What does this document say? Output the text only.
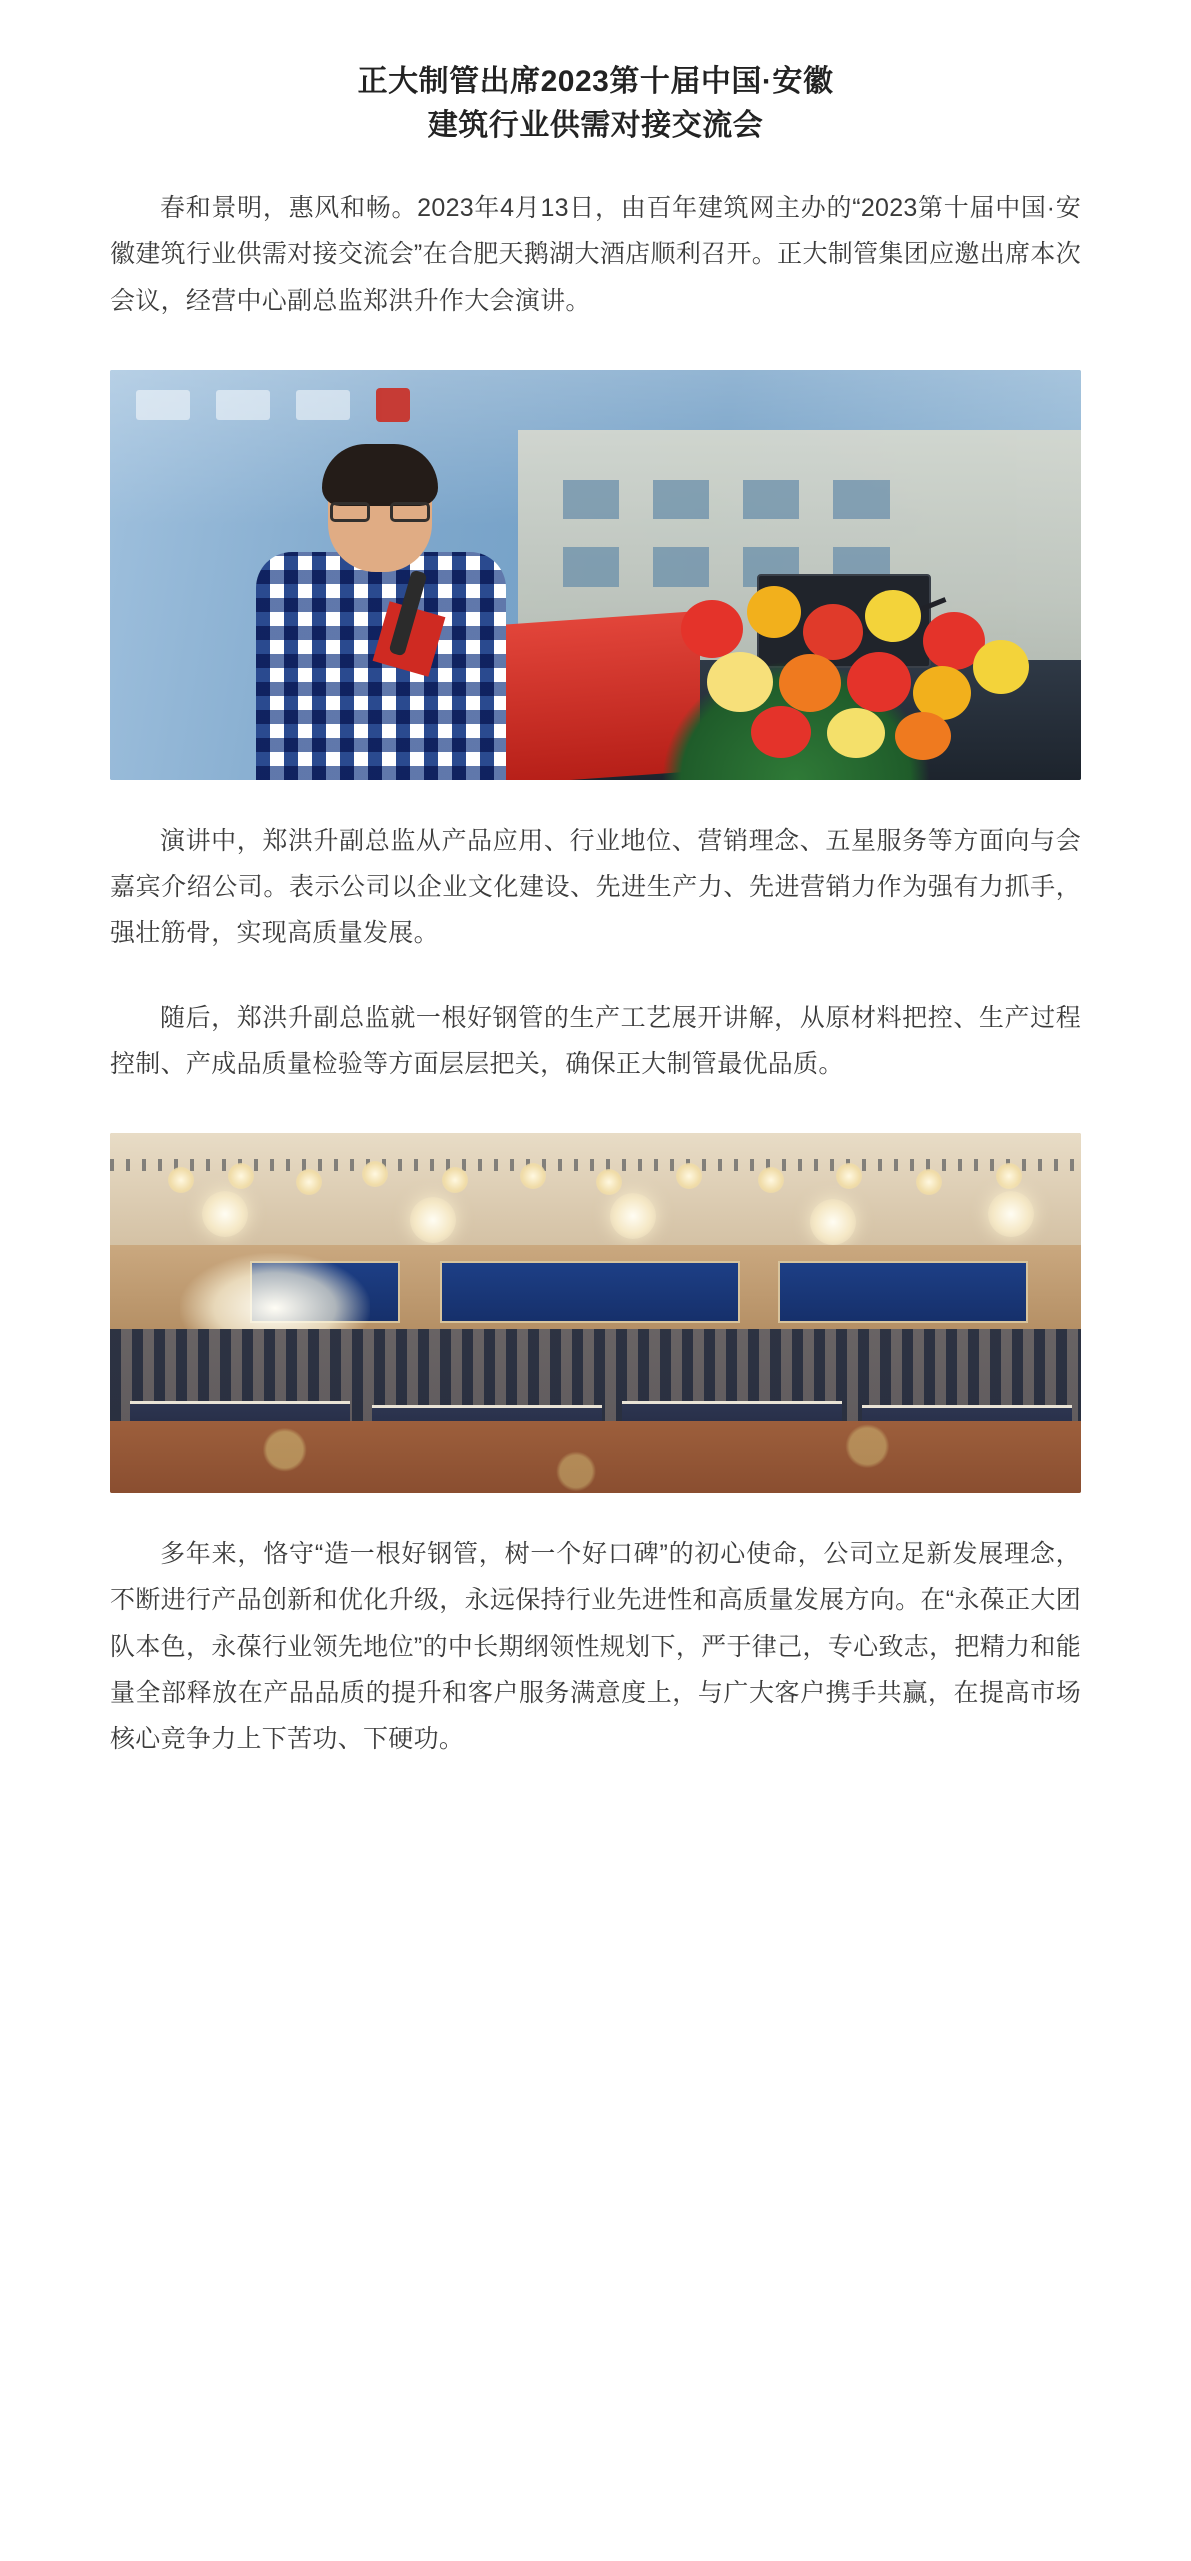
正大制管出席2023第十届中国·安徽
建筑行业供需对接交流会

春和景明，惠风和畅。2023年4月13日，由百年建筑网主办的“2023第十届中国·安徽建筑行业供需对接交流会”在合肥天鹅湖大酒店顺利召开。正大制管集团应邀出席本次会议，经营中心副总监郑洪升作大会演讲。

演讲中，郑洪升副总监从产品应用、行业地位、营销理念、五星服务等方面向与会嘉宾介绍公司。表示公司以企业文化建设、先进生产力、先进营销力作为强有力抓手，强壮筋骨，实现高质量发展。

随后，郑洪升副总监就一根好钢管的生产工艺展开讲解，从原材料把控、生产过程控制、产成品质量检验等方面层层把关，确保正大制管最优品质。

多年来，恪守“造一根好钢管，树一个好口碑”的初心使命，公司立足新发展理念，不断进行产品创新和优化升级，永远保持行业先进性和高质量发展方向。在“永葆正大团队本色，永葆行业领先地位”的中长期纲领性规划下，严于律己，专心致志，把精力和能量全部释放在产品品质的提升和客户服务满意度上，与广大客户携手共赢，在提高市场核心竞争力上下苦功、下硬功。
